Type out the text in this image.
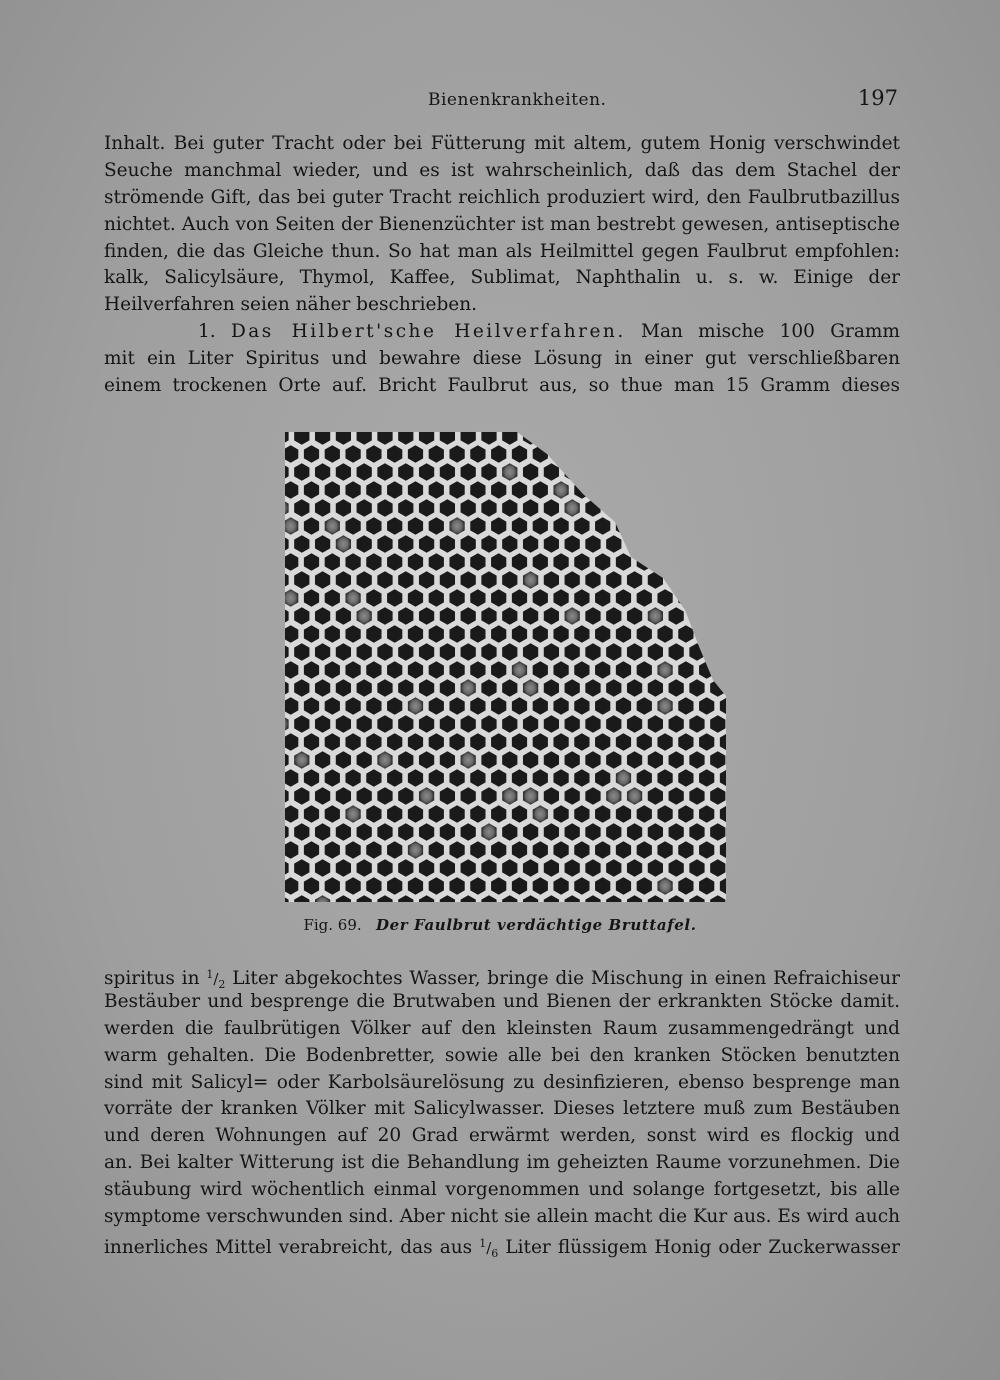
Bienenkrankheiten.	197
Inhalt. Bei guter Tracht oder bei Fütterung mit altem, gutem Honig verschwindet
Seuche manchmal wieder, und es ist wahrscheinlich, daß das dem Stachel der
strömende Gift, das bei guter Tracht reichlich produziert wird, den Faulbrutbazillus
nichtet. Auch von Seiten der Bienenzüchter ist man bestrebt gewesen, antiseptische
finden, die das Gleiche thun. So hat man als Heilmittel gegen Faulbrut empfohlen:
kalk, Salicylsäure, Thymol, Kaffee, Sublimat, Naphthalin u. s. w. Einige der
Heilverfahren seien näher beschrieben.
1. Das Hilbert'sche Heilverfahren. Man mische 100 Gramm
mit ein Liter Spiritus und bewahre diese Lösung in einer gut verschließbaren
einem trockenen Orte auf. Bricht Faulbrut aus, so thue man 15 Gramm dieses
Fig. 69. Der Faulbrut verdächtige Bruttafel.
spiritus in $^1/_2$ Liter abgekochtes Wasser, bringe die Mischung in einen Refraichiseur
Bestäuber und besprenge die Brutwaben und Bienen der erkrankten Stöcke damit.
werden die faulbrütigen Völker auf den kleinsten Raum zusammengedrängt und
warm gehalten. Die Bodenbretter, sowie alle bei den kranken Stöcken benutzten
sind mit Salicyl= oder Karbolsäurelösung zu desinfizieren, ebenso besprenge man
vorräte der kranken Völker mit Salicylwasser. Dieses letztere muß zum Bestäuben
und deren Wohnungen auf 20 Grad erwärmt werden, sonst wird es flockig und
an. Bei kalter Witterung ist die Behandlung im geheizten Raume vorzunehmen. Die
stäubung wird wöchentlich einmal vorgenommen und solange fortgesetzt, bis alle
symptome verschwunden sind. Aber nicht sie allein macht die Kur aus. Es wird auch
innerliches Mittel verabreicht, das aus $^1/_6$ Liter flüssigem Honig oder Zuckerwasser
